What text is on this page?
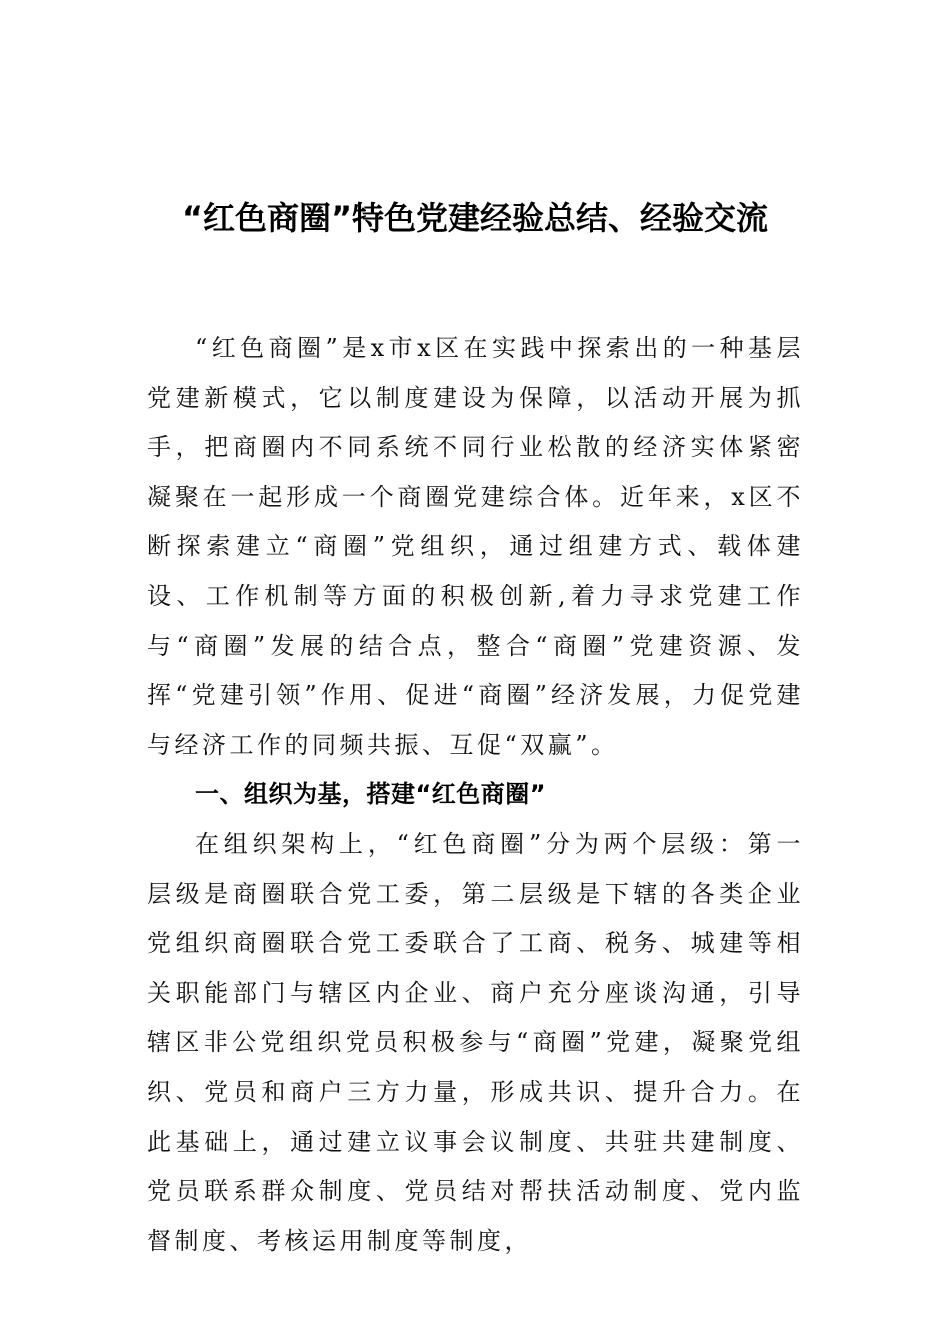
“红色商圈”特色党建经验总结、经验交流

“红色商圈”是x市x区在实践中探索出的一种基层党建新模式，它以制度建设为保障，以活动开展为抓手，把商圈内不同系统不同行业松散的经济实体紧密凝聚在一起形成一个商圈党建综合体。近年来，x区不断探索建立“商圈”党组织，通过组建方式、载体建设、工作机制等方面的积极创新,着力寻求党建工作与“商圈”发展的结合点，整合“商圈”党建资源、发挥“党建引领”作用、促进“商圈”经济发展，力促党建与经济工作的同频共振、互促“双赢”。

一、组织为基，搭建“红色商圈”

在组织架构上，“红色商圈”分为两个层级：第一层级是商圈联合党工委，第二层级是下辖的各类企业党组织商圈联合党工委联合了工商、税务、城建等相关职能部门与辖区内企业、商户充分座谈沟通，引导辖区非公党组织党员积极参与“商圈”党建，凝聚党组织、党员和商户三方力量，形成共识、提升合力。在此基础上，通过建立议事会议制度、共驻共建制度、党员联系群众制度、党员结对帮扶活动制度、党内监督制度、考核运用制度等制度，
